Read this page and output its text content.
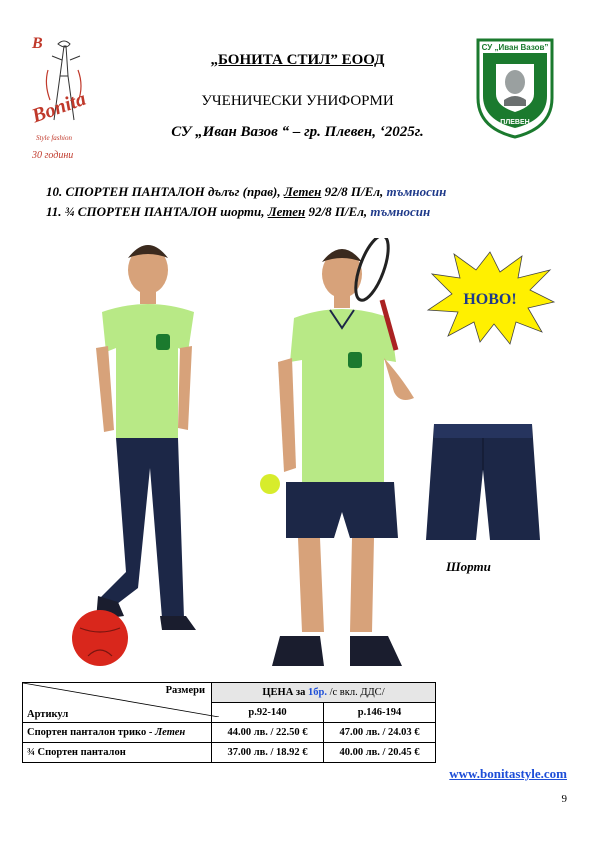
B
Bonita
Style fashion
30 години
„БОНИТА СТИЛ” ЕООД
УЧЕНИЧЕСКИ УНИФОРМИ
СУ „Иван Вазов “ – гр. Плевен, ‘2025г.
СУ „Иван Вазов”
ПЛЕВЕН
10. СПОРТЕН ПАНТАЛОН дълъг (прав), Летен 92/8 П/Ел, тъмносин
11. ¾ СПОРТЕН ПАНТАЛОН шорти, Летен 92/8 П/Ел, тъмносин
НОВО!
Шорти
Размери
Артикул	ЦЕНА за 1бр. /с вкл. ДДС/	
	р.92-140	р.146-194
Спортен панталон трико - Летен	44.00 лв. / 22.50 €	47.00 лв. / 24.03 €
¾ Спортен панталон	37.00 лв. / 18.92 €	40.00 лв. / 20.45 €
www.bonitastyle.com
9
